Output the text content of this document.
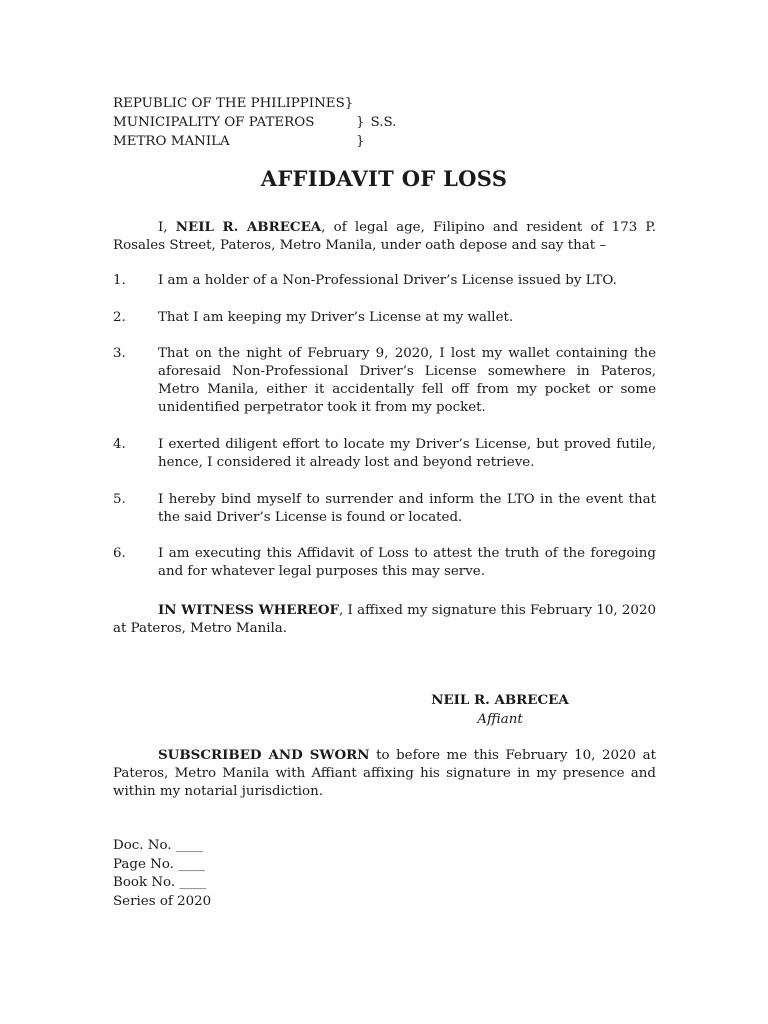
REPUBLIC OF THE PHILIPPINES }
MUNICIPALITY OF PATEROS	} S.S.
METRO MANILA	}
AFFIDAVIT OF LOSS
I, NEIL R. ABRECEA, of legal age, Filipino and resident of 173 P. Rosales Street, Pateros, Metro Manila, under oath depose and say that –
1. I am a holder of a Non-Professional Driver’s License issued by LTO.
2. That I am keeping my Driver’s License at my wallet.
3. That on the night of February 9, 2020, I lost my wallet containing the aforesaid Non-Professional Driver’s License somewhere in Pateros, Metro Manila, either it accidentally fell off from my pocket or some unidentified perpetrator took it from my pocket.
4. I exerted diligent effort to locate my Driver’s License, but proved futile, hence, I considered it already lost and beyond retrieve.
5. I hereby bind myself to surrender and inform the LTO in the event that the said Driver’s License is found or located.
6. I am executing this Affidavit of Loss to attest the truth of the foregoing and for whatever legal purposes this may serve.
IN WITNESS WHEREOF, I affixed my signature this February 10, 2020 at Pateros, Metro Manila.
NEIL R. ABRECEA
Affiant
SUBSCRIBED AND SWORN to before me this February 10, 2020 at Pateros, Metro Manila with Affiant affixing his signature in my presence and within my notarial jurisdiction.
Doc. No. ____
Page No. ____
Book No. ____
Series of 2020
